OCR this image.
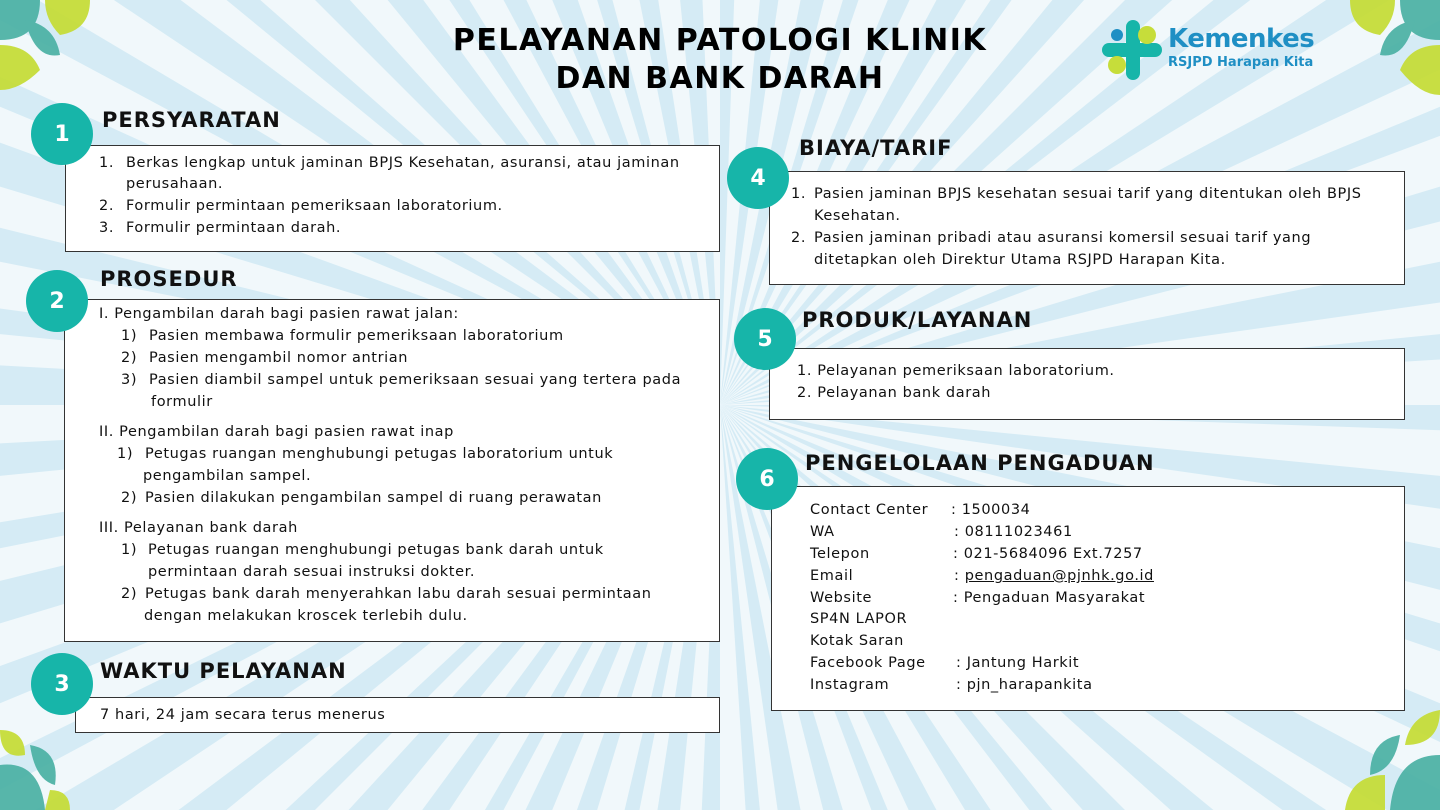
PELAYANAN PATOLOGI KLINIK
DAN BANK DARAH
Kemenkes
RSJPD Harapan Kita
1
PERSYARATAN
1. Berkas lengkap untuk jaminan BPJS Kesehatan, asuransi, atau jaminan
perusahaan.
2. Formulir permintaan pemeriksaan laboratorium.
3. Formulir permintaan darah.
2
PROSEDUR
I. Pengambilan darah bagi pasien rawat jalan:
1) Pasien membawa formulir pemeriksaan laboratorium
2) Pasien mengambil nomor antrian
3) Pasien diambil sampel untuk pemeriksaan sesuai yang tertera pada
formulir
II. Pengambilan darah bagi pasien rawat inap
1) Petugas ruangan menghubungi petugas laboratorium untuk
pengambilan sampel.
2) Pasien dilakukan pengambilan sampel di ruang perawatan
III. Pelayanan bank darah
1) Petugas ruangan menghubungi petugas bank darah untuk
permintaan darah sesuai instruksi dokter.
2) Petugas bank darah menyerahkan labu darah sesuai permintaan
dengan melakukan kroscek terlebih dulu.
3
WAKTU PELAYANAN
7 hari, 24 jam secara terus menerus
4
BIAYA/TARIF
1. Pasien jaminan BPJS kesehatan sesuai tarif yang ditentukan oleh BPJS
Kesehatan.
2. Pasien jaminan pribadi atau asuransi komersil sesuai tarif yang
ditetapkan oleh Direktur Utama RSJPD Harapan Kita.
5
PRODUK/LAYANAN
1. Pelayanan pemeriksaan laboratorium.
2. Pelayanan bank darah
6
PENGELOLAAN PENGADUAN
Contact Center : 1500034
WA	: 08111023461
Telepon	: 021-5684096 Ext.7257
Email	: pengaduan@pjnhk.go.id
Website	: Pengaduan Masyarakat
SP4N LAPOR
Kotak Saran
Facebook Page : Jantung Harkit
Instagram	: pjn_harapankita
